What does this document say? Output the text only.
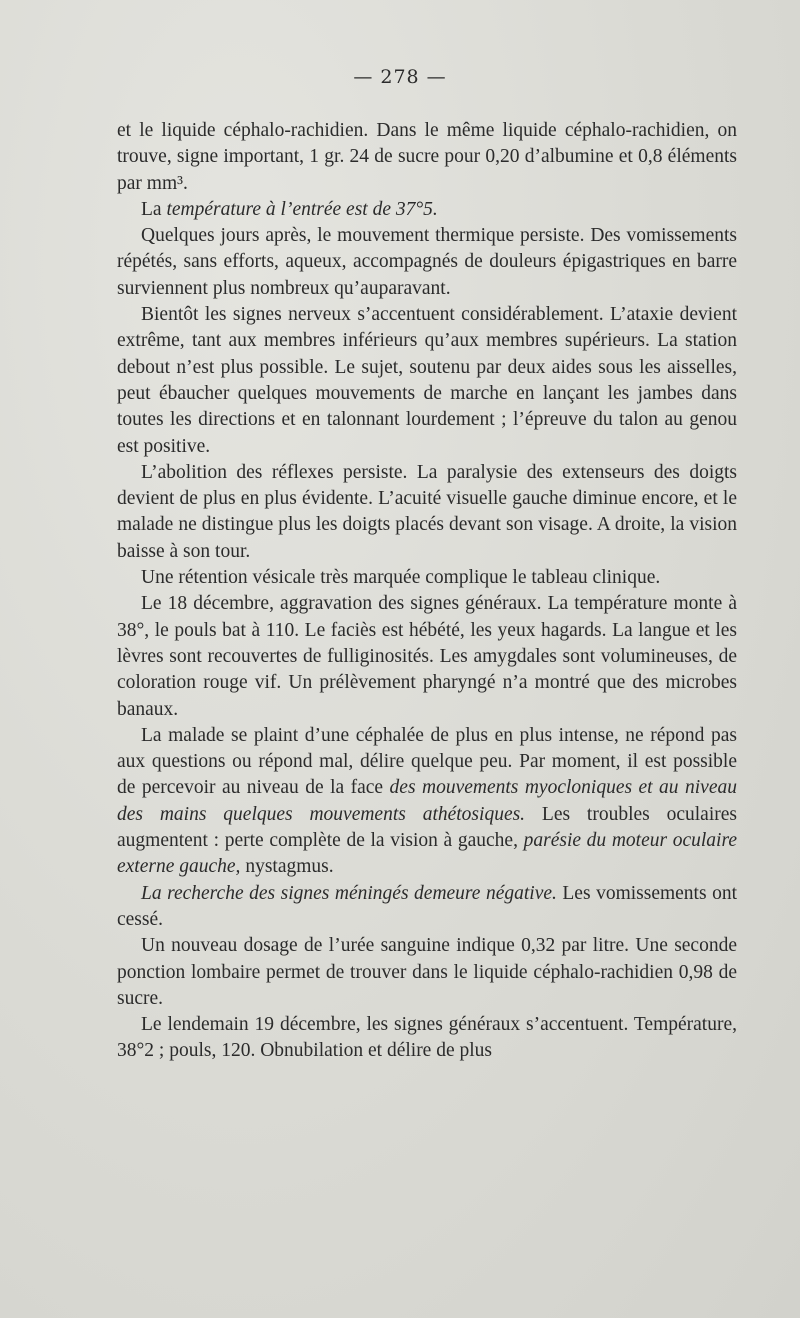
— 278 —

et le liquide céphalo-rachidien. Dans le même liquide céphalo-rachidien, on trouve, signe important, 1 gr. 24 de sucre pour 0,20 d’albumine et 0,8 éléments par mm³.

La température à l’entrée est de 37°5.

Quelques jours après, le mouvement thermique persiste. Des vomissements répétés, sans efforts, aqueux, accompagnés de douleurs épigastriques en barre surviennent plus nombreux qu’auparavant.

Bientôt les signes nerveux s’accentuent considérablement. L’ataxie devient extrême, tant aux membres inférieurs qu’aux membres supérieurs. La station debout n’est plus possible. Le sujet, soutenu par deux aides sous les aisselles, peut ébaucher quelques mouvements de marche en lançant les jambes dans toutes les directions et en talonnant lourdement ; l’épreuve du talon au genou est positive.

L’abolition des réflexes persiste. La paralysie des extenseurs des doigts devient de plus en plus évidente. L’acuité visuelle gauche diminue encore, et le malade ne distingue plus les doigts placés devant son visage. A droite, la vision baisse à son tour.

Une rétention vésicale très marquée complique le tableau clinique.

Le 18 décembre, aggravation des signes généraux. La température monte à 38°, le pouls bat à 110. Le faciès est hébété, les yeux hagards. La langue et les lèvres sont recouvertes de fulliginosités. Les amygdales sont volumineuses, de coloration rouge vif. Un prélèvement pharyngé n’a montré que des microbes banaux.

La malade se plaint d’une céphalée de plus en plus intense, ne répond pas aux questions ou répond mal, délire quelque peu. Par moment, il est possible de percevoir au niveau de la face des mouvements myocloniques et au niveau des mains quelques mouvements athétosiques. Les troubles oculaires augmentent : perte complète de la vision à gauche, parésie du moteur oculaire externe gauche, nystagmus.

La recherche des signes méningés demeure négative. Les vomissements ont cessé.

Un nouveau dosage de l’urée sanguine indique 0,32 par litre. Une seconde ponction lombaire permet de trouver dans le liquide céphalo-rachidien 0,98 de sucre.

Le lendemain 19 décembre, les signes généraux s’accentuent. Température, 38°2 ; pouls, 120. Obnubilation et délire de plus
